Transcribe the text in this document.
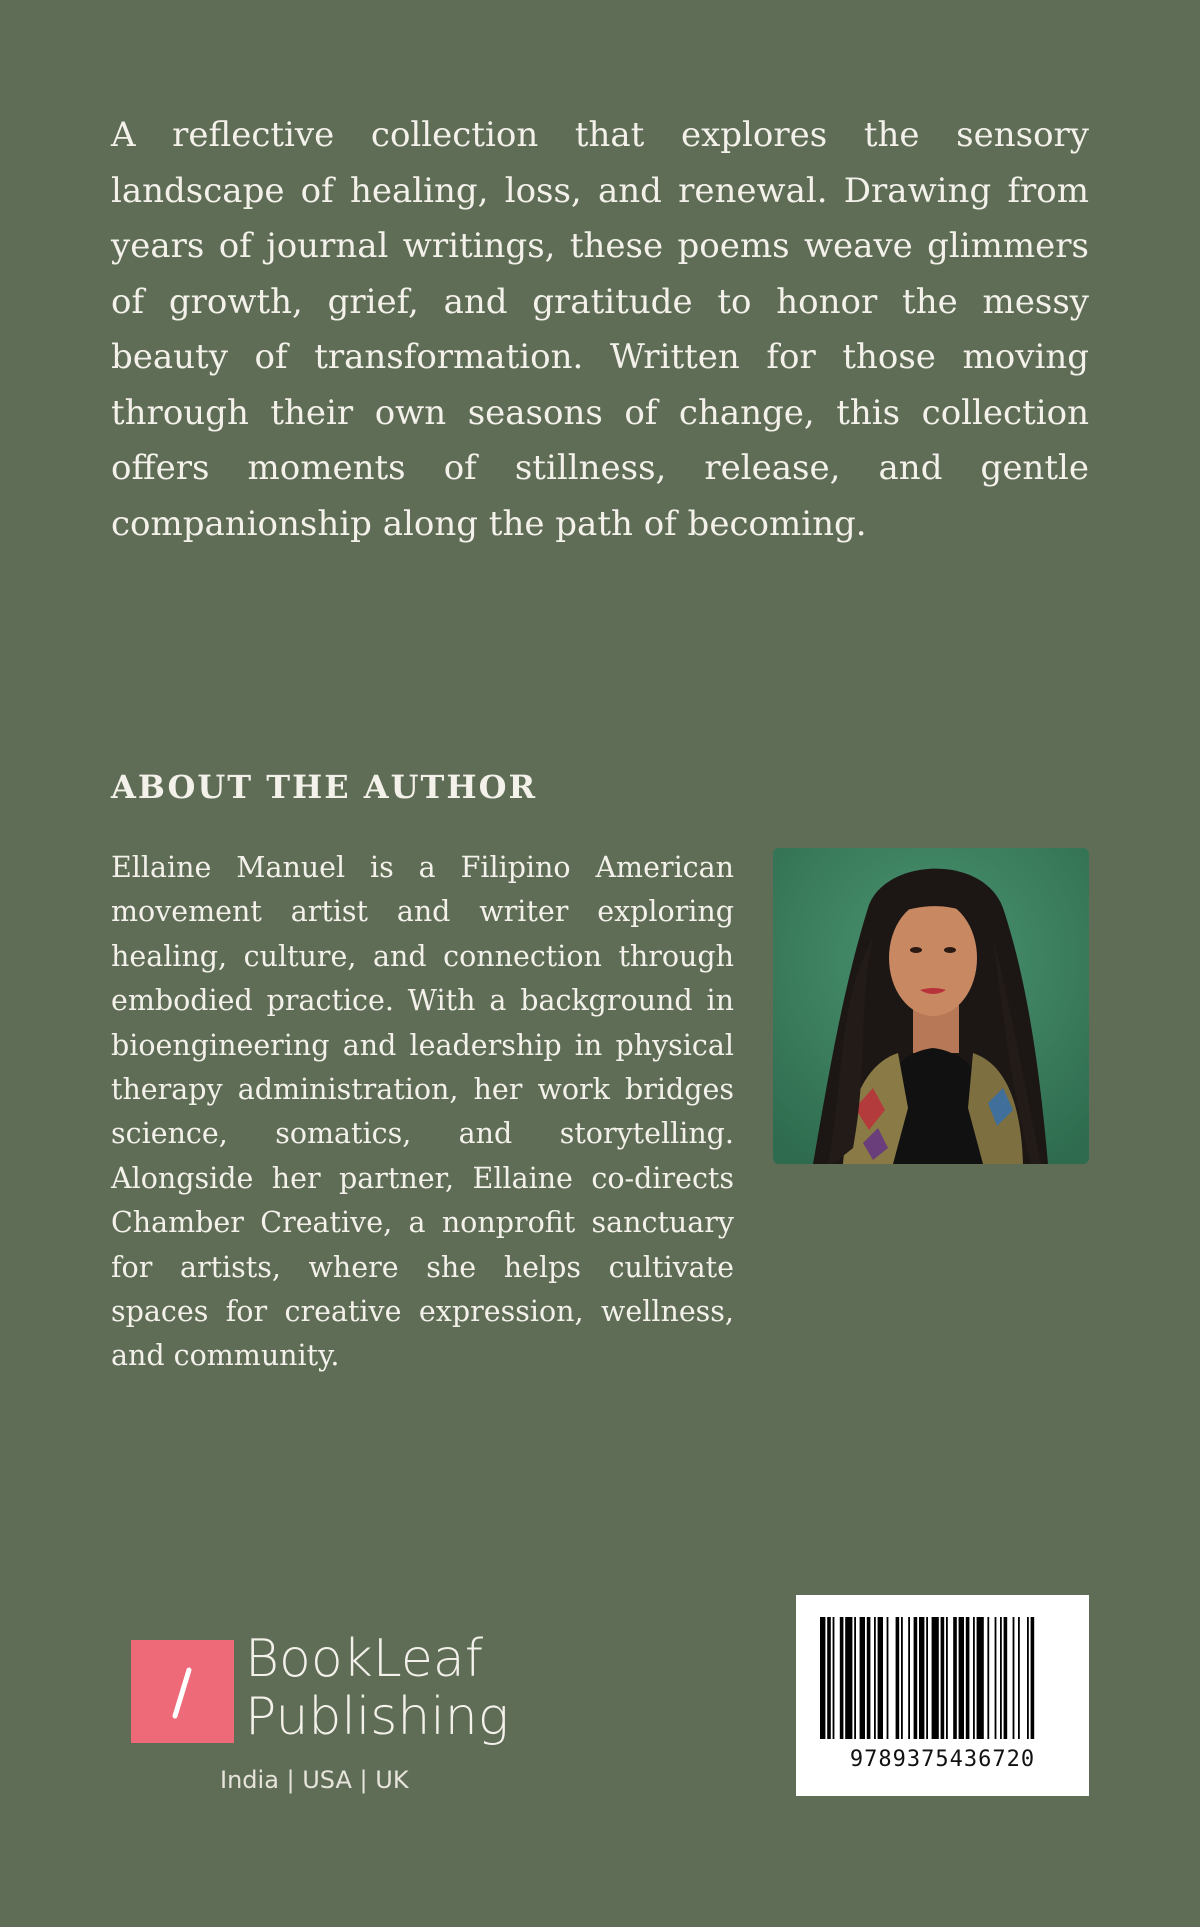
A reflective collection that explores the sensory landscape of healing, loss, and renewal. Drawing from years of journal writings, these poems weave glimmers of growth, grief, and gratitude to honor the messy beauty of transformation. Written for those moving through their own seasons of change, this collection offers moments of stillness, release, and gentle companionship along the path of becoming.

ABOUT THE AUTHOR

Ellaine Manuel is a Filipino American movement artist and writer exploring healing, culture, and connection through embodied practice. With a background in bioengineering and leadership in physical therapy administration, her work bridges science, somatics, and storytelling. Alongside her partner, Ellaine co-directs Chamber Creative, a nonprofit sanctuary for artists, where she helps cultivate spaces for creative expression, wellness, and community.

BookLeaf
Publishing
India | USA | UK
9789375436720
